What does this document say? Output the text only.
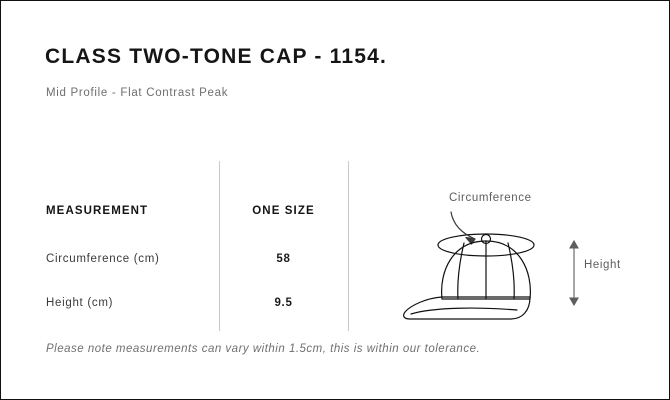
CLASS TWO-TONE CAP - 1154.
Mid Profile - Flat Contrast Peak
MEASUREMENT	ONE SIZE
Circumference (cm)	58
Height (cm)	9.5
Please note measurements can vary within 1.5cm, this is within our tolerance.
Circumference
Height
